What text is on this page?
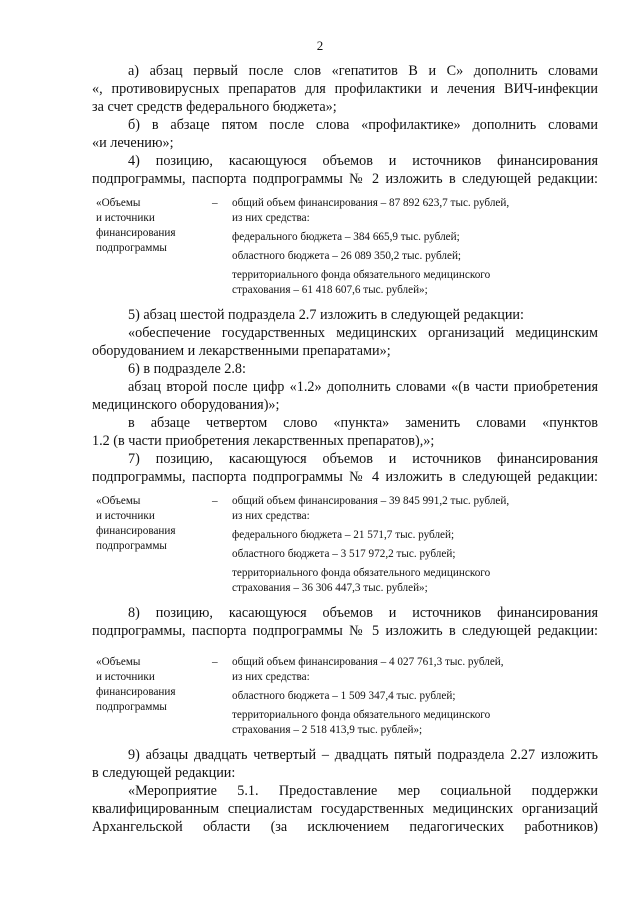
2

а) абзац первый после слов «гепатитов В и С» дополнить словами

«, противовирусных препаратов для профилактики и лечения ВИЧ-инфекции

за счет средств федерального бюджета»;

б) в абзаце пятом после слова «профилактике» дополнить словами

«и лечению»;

4) позицию, касающуюся объемов и источников финансирования

подпрограммы, паспорта подпрограммы № 2 изложить в следующей редакции:

«Объемы
и источники
финансирования
подпрограммы
– общий объем финансирования – 87 892 623,7 тыс. рублей,
из них средства:
федерального бюджета – 384 665,9 тыс. рублей;
областного бюджета – 26 089 350,2 тыс. рублей;
территориального фонда обязательного медицинского
страхования – 61 418 607,6 тыс. рублей»;

5) абзац шестой подраздела 2.7 изложить в следующей редакции:

«обеспечение государственных медицинских организаций медицинским

оборудованием и лекарственными препаратами»;

6) в подразделе 2.8:

абзац второй после цифр «1.2» дополнить словами «(в части приобретения

медицинского оборудования)»;

в абзаце четвертом слово «пункта» заменить словами «пунктов

1.2 (в части приобретения лекарственных препаратов),»;

7) позицию, касающуюся объемов и источников финансирования

подпрограммы, паспорта подпрограммы № 4 изложить в следующей редакции:

«Объемы
и источники
финансирования
подпрограммы
– общий объем финансирования – 39 845 991,2 тыс. рублей,
из них средства:
федерального бюджета – 21 571,7 тыс. рублей;
областного бюджета – 3 517 972,2 тыс. рублей;
территориального фонда обязательного медицинского
страхования – 36 306 447,3 тыс. рублей»;

8) позицию, касающуюся объемов и источников финансирования

подпрограммы, паспорта подпрограммы № 5 изложить в следующей редакции:

«Объемы
и источники
финансирования
подпрограммы
– общий объем финансирования – 4 027 761,3 тыс. рублей,
из них средства:
областного бюджета – 1 509 347,4 тыс. рублей;
территориального фонда обязательного медицинского
страхования – 2 518 413,9 тыс. рублей»;

9) абзацы двадцать четвертый – двадцать пятый подраздела 2.27 изложить

в следующей редакции:

«Мероприятие 5.1. Предоставление мер социальной поддержки

квалифицированным специалистам государственных медицинских организаций

Архангельской области (за исключением педагогических работников)
